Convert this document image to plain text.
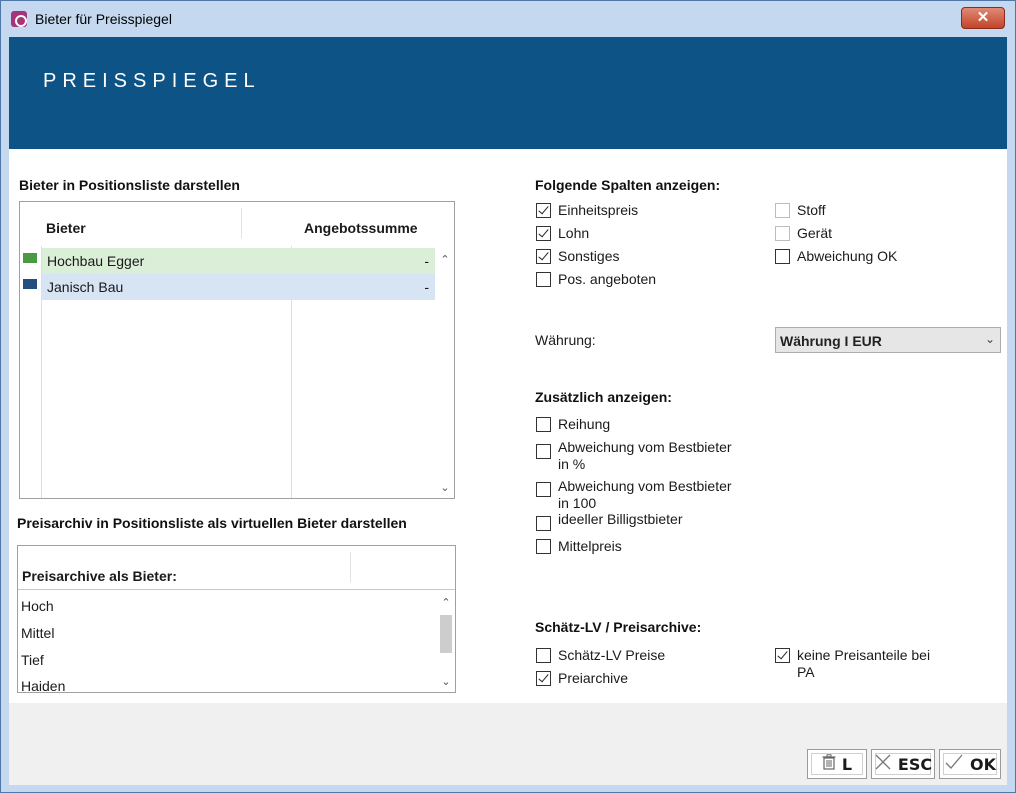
Bieter für Preisspiegel	✕
PREISSPIEGEL
Bieter in Positionsliste darstellen
Bieter	Angebotssumme
Hochbau Egger	-
Janisch Bau	-
⌃
⌄
Preisarchiv in Positionsliste als virtuellen Bieter darstellen
Preisarchive als Bieter:
Hoch
Mittel
Tief
Haiden
⌃
⌄
Folgende Spalten anzeigen:
Einheitspreis
Lohn
Sonstiges
Pos. angeboten
Stoff
Gerät
Abweichung OK
Währung:	Währung I EUR	⌄
Zusätzlich anzeigen:
Reihung
Abweichung vom Bestbieter
in %
Abweichung vom Bestbieter
in 100
ideeller Billigstbieter
Mittelpreis
Schätz-LV / Preisarchive:
Schätz-LV Preise
Preiarchive
keine Preisanteile bei
PA
L	ESC OK
